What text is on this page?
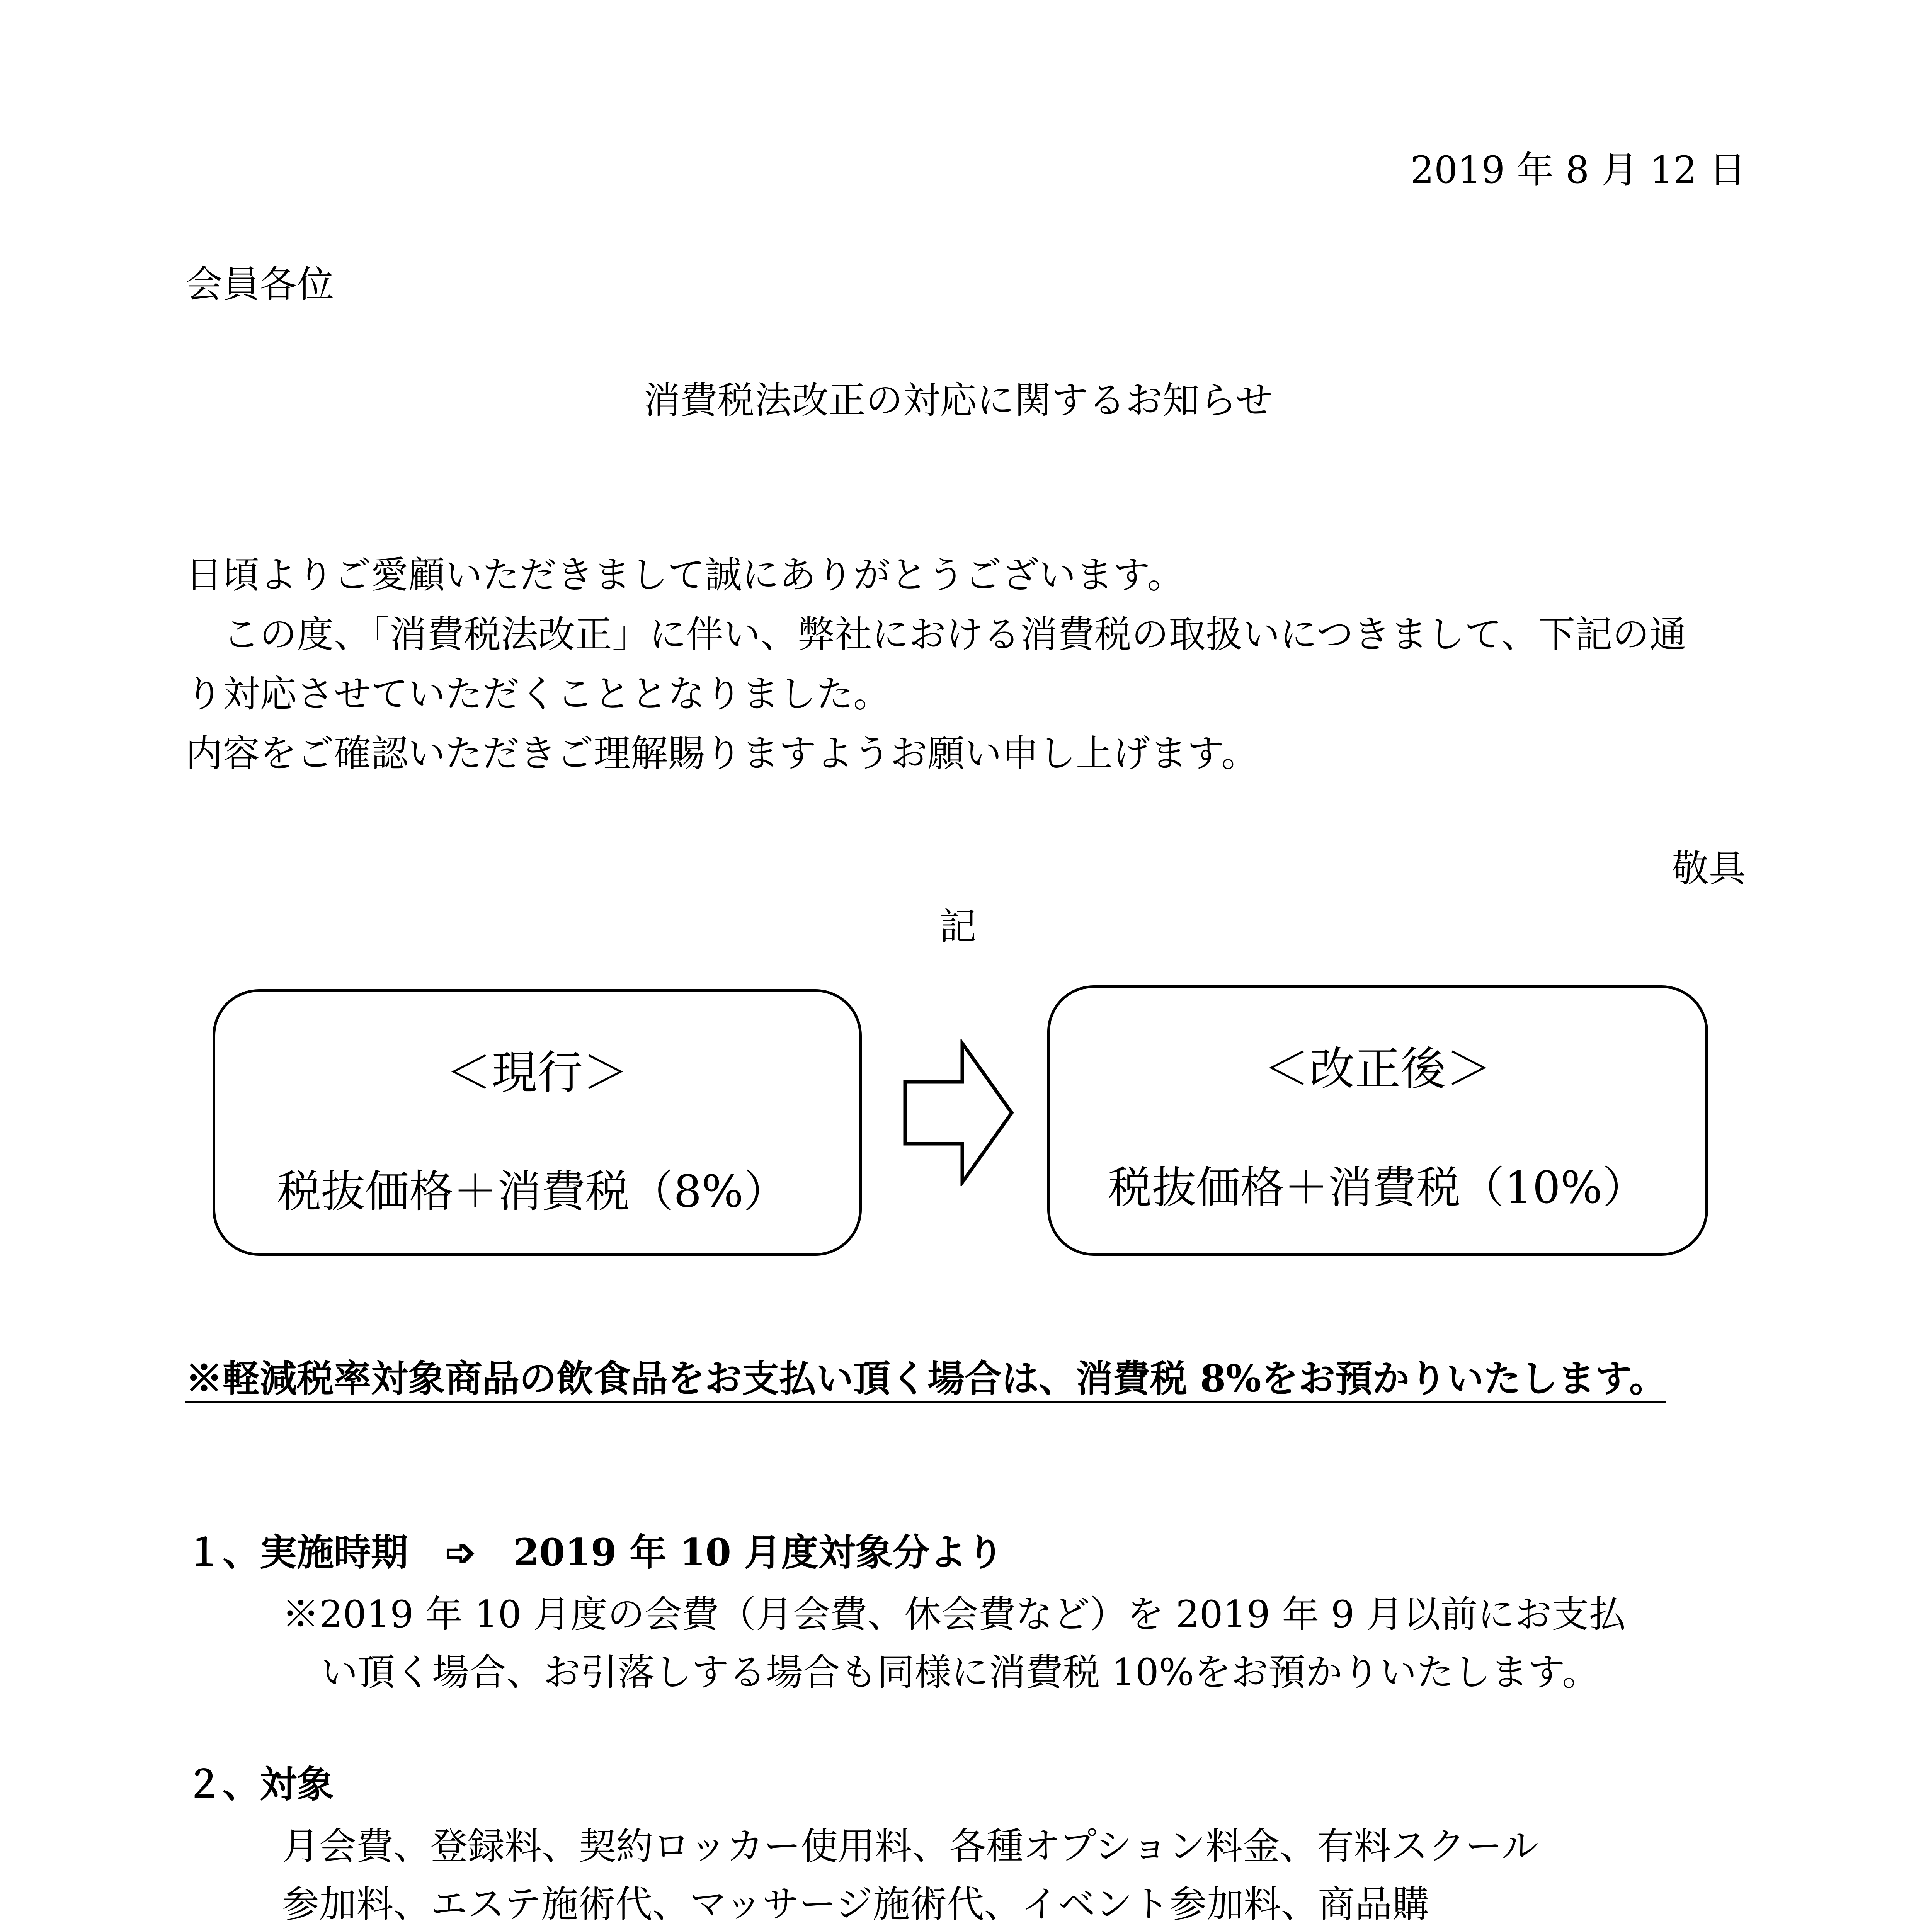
2019 年 8 月 12 日
会員各位
消費税法改正の対応に関するお知らせ
日頃よりご愛顧いただきまして誠にありがとうございます。
　この度、「消費税法改正」に伴い、弊社における消費税の取扱いにつきまして、下記の通
り対応させていただくこととなりました。
内容をご確認いただきご理解賜りますようお願い申し上げます。
敬具
記
＜現行＞
税抜価格＋消費税（8%）
＜改正後＞
税抜価格＋消費税（10%）
※軽減税率対象商品の飲食品をお支払い頂く場合は、消費税 8%をお預かりいたします。
１、実施時期　➩　2019 年 10 月度対象分より
※2019 年 10 月度の会費（月会費、休会費など）を 2019 年 9 月以前にお支払
い頂く場合、お引落しする場合も同様に消費税 10%をお預かりいたします。
２、対象
月会費、登録料、契約ロッカー使用料、各種オプション料金、有料スクール
参加料、エステ施術代、マッサージ施術代、イベント参加料、商品購
